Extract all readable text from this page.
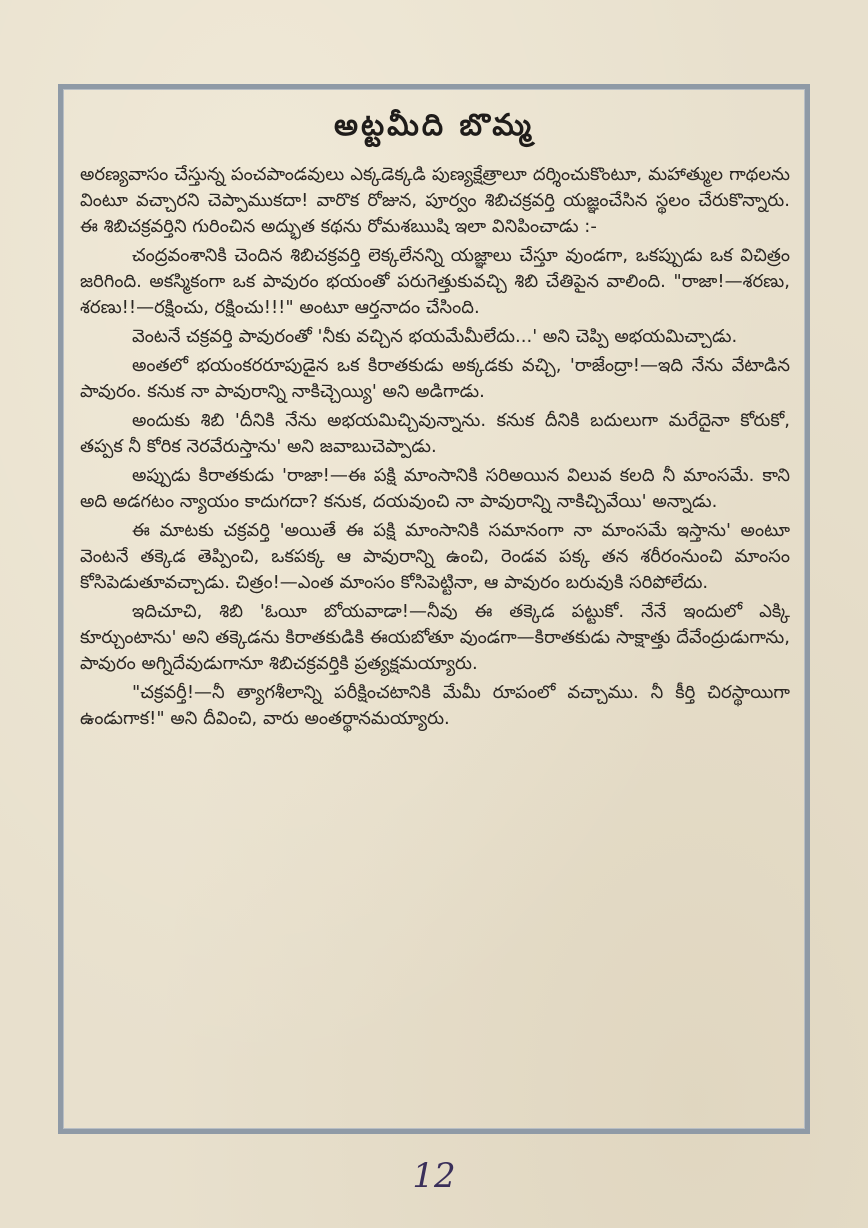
అట్టమీది బొమ్మ

అరణ్యవాసం చేస్తున్న పంచపాండవులు ఎక్కడెక్కడి పుణ్యక్షేత్రాలూ దర్శించుకొంటూ, మహాత్ముల గాథలను వింటూ వచ్చారని చెప్పాముకదా! వారొక రోజున, పూర్వం శిబిచక్రవర్తి యజ్ఞంచేసిన స్థలం చేరుకొన్నారు. ఈ శిబిచక్రవర్తిని గురించిన అద్భుత కథను రోమశఋషి ఇలా వినిపించాడు :-

చంద్రవంశానికి చెందిన శిబిచక్రవర్తి లెక్కలేనన్ని యజ్ఞాలు చేస్తూ వుండగా, ఒకప్పుడు ఒక విచిత్రం జరిగింది. అకస్మికంగా ఒక పావురం భయంతో పరుగెత్తుకువచ్చి శిబి చేతిపైన వాలింది. "రాజా!—శరణు, శరణు!!—రక్షించు, రక్షించు!!!" అంటూ ఆర్తనాదం చేసింది.

వెంటనే చక్రవర్తి పావురంతో 'నీకు వచ్చిన భయమేమీలేదు...' అని చెప్పి అభయమిచ్చాడు.

అంతలో భయంకరరూపుడైన ఒక కిరాతకుడు అక్కడకు వచ్చి, 'రాజేంద్రా!—ఇది నేను వేటాడిన పావురం. కనుక నా పావురాన్ని నాకిచ్చెయ్యి' అని అడిగాడు.

అందుకు శిబి 'దీనికి నేను అభయమిచ్చివున్నాను. కనుక దీనికి బదులుగా మరేదైనా కోరుకో, తప్పక నీ కోరిక నెరవేరుస్తాను' అని జవాబుచెప్పాడు.

అప్పుడు కిరాతకుడు 'రాజా!—ఈ పక్షి మాంసానికి సరిఅయిన విలువ కలది నీ మాంసమే. కాని అది అడగటం న్యాయం కాదుగదా? కనుక, దయవుంచి నా పావురాన్ని నాకిచ్చివేయి' అన్నాడు.

ఈ మాటకు చక్రవర్తి 'అయితే ఈ పక్షి మాంసానికి సమానంగా నా మాంసమే ఇస్తాను' అంటూ వెంటనే తక్కెడ తెప్పించి, ఒకపక్క ఆ పావురాన్ని ఉంచి, రెండవ పక్క తన శరీరంనుంచి మాంసం కోసిపెడుతూవచ్చాడు. చిత్రం!—ఎంత మాంసం కోసిపెట్టినా, ఆ పావురం బరువుకి సరిపోలేదు.

ఇదిచూచి, శిబి 'ఓయీ బోయవాడా!—నీవు ఈ తక్కెడ పట్టుకో. నేనే ఇందులో ఎక్కి కూర్చుంటాను' అని తక్కెడను కిరాతకుడికి ఈయబోతూ వుండగా—కిరాతకుడు సాక్షాత్తు దేవేంద్రుడుగాను, పావురం అగ్నిదేవుడుగానూ శిబిచక్రవర్తికి ప్రత్యక్షమయ్యారు.

"చక్రవర్తీ!—నీ త్యాగశీలాన్ని పరీక్షించటానికి మేమీ రూపంలో వచ్చాము. నీ కీర్తి చిరస్థాయిగా ఉండుగాక!" అని దీవించి, వారు అంతర్థానమయ్యారు.

12
